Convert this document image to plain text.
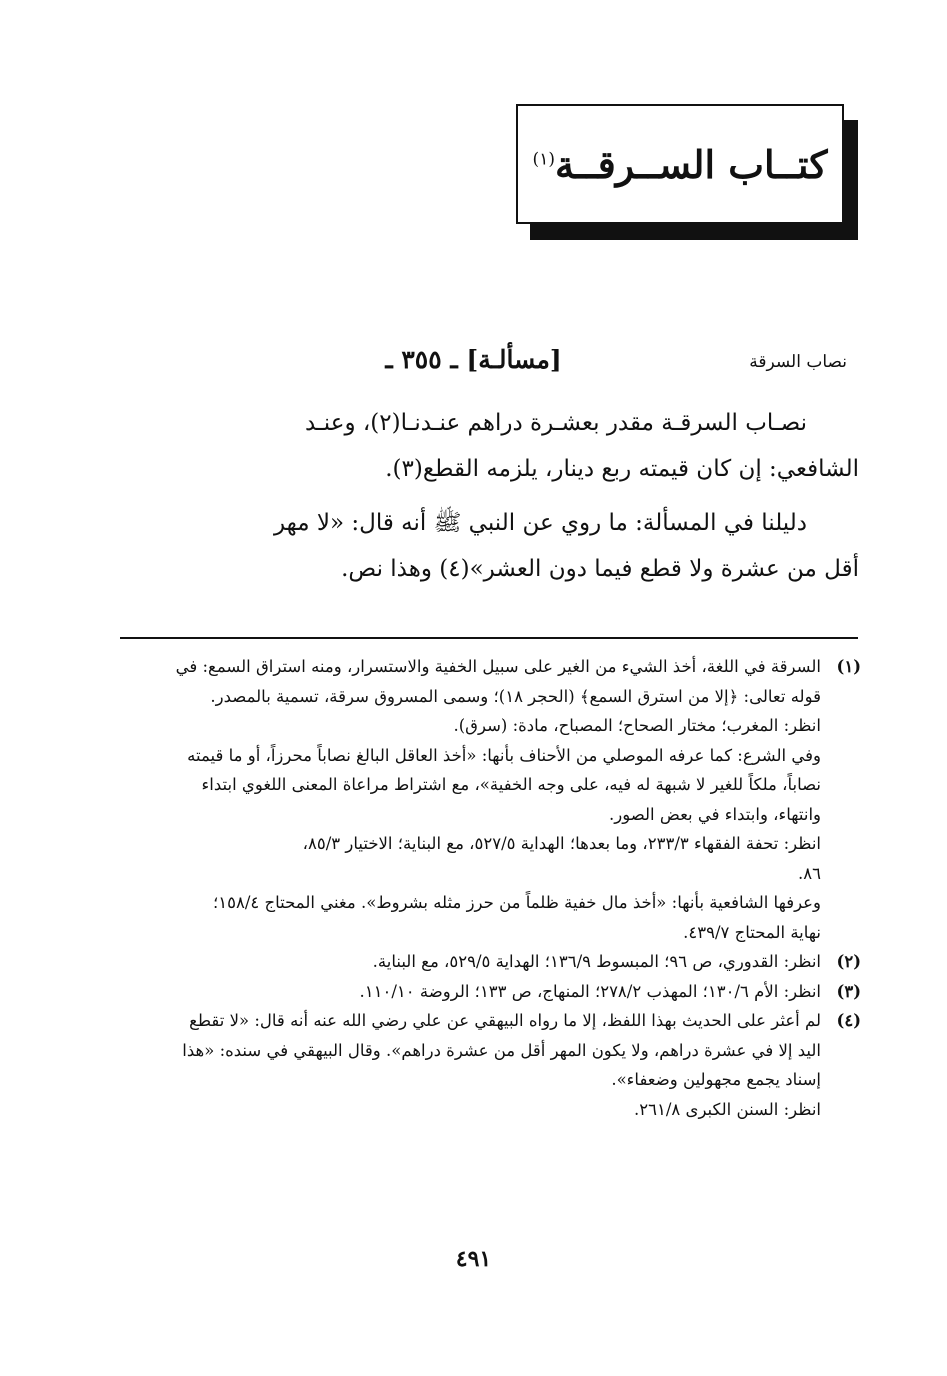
كتــاب الســرقــة$^{(١)}$
[مسألـة] ـ ٣٥٥ ـ	نصاب السرقة
نصـاب السرقـة مقدر بعشـرة دراهم عنـدنـا(٢)، وعنـد
الشافعي: إن كان قيمته ربع دينار، يلزمه القطع(٣).
دليلنا في المسألة: ما روي عن النبي ﷺ أنه قال: «لا مهر
أقل من عشرة ولا قطع فيما دون العشر»(٤) وهذا نص.
(١)
السرقة في اللغة، أخذ الشيء من الغير على سبيل الخفية والاستسرار، ومنه استراق السمع: في
قوله تعالى: ﴿إلا من استرق السمع﴾ (الحجر ١٨)؛ وسمى المسروق سرقة، تسمية بالمصدر.
انظر: المغرب؛ مختار الصحاح؛ المصباح، مادة: (سرق).
وفي الشرع: كما عرفه الموصلي من الأحناف بأنها: «أخذ العاقل البالغ نصاباً محرزاً، أو ما قيمته
نصاباً، ملكاً للغير لا شبهة له فيه، على وجه الخفية»، مع اشتراط مراعاة المعنى اللغوي ابتداء
وانتهاء، وابتداء في بعض الصور.
انظر: تحفة الفقهاء ٢٣٣/٣، وما بعدها؛ الهداية ٥٢٧/٥، مع البناية؛ الاختيار ٨٥/٣،
٨٦.
وعرفها الشافعية بأنها: «أخذ مال خفية ظلماً من حرز مثله بشروط». مغني المحتاج ١٥٨/٤؛
نهاية المحتاج ٤٣٩/٧.
(٢)
انظر: القدوري، ص ٩٦؛ المبسوط ١٣٦/٩؛ الهداية ٥٢٩/٥، مع البناية.
(٣)
انظر: الأم ١٣٠/٦؛ المهذب ٢٧٨/٢؛ المنهاج، ص ١٣٣؛ الروضة ١١٠/١٠.
(٤)
لم أعثر على الحديث بهذا اللفظ، إلا ما رواه البيهقي عن علي رضي الله عنه أنه قال: «لا تقطع
اليد إلا في عشرة دراهم، ولا يكون المهر أقل من عشرة دراهم». وقال البيهقي في سنده: «هذا
إسناد يجمع مجهولين وضعفاء».
انظر: السنن الكبرى ٢٦١/٨.
٤٩١
